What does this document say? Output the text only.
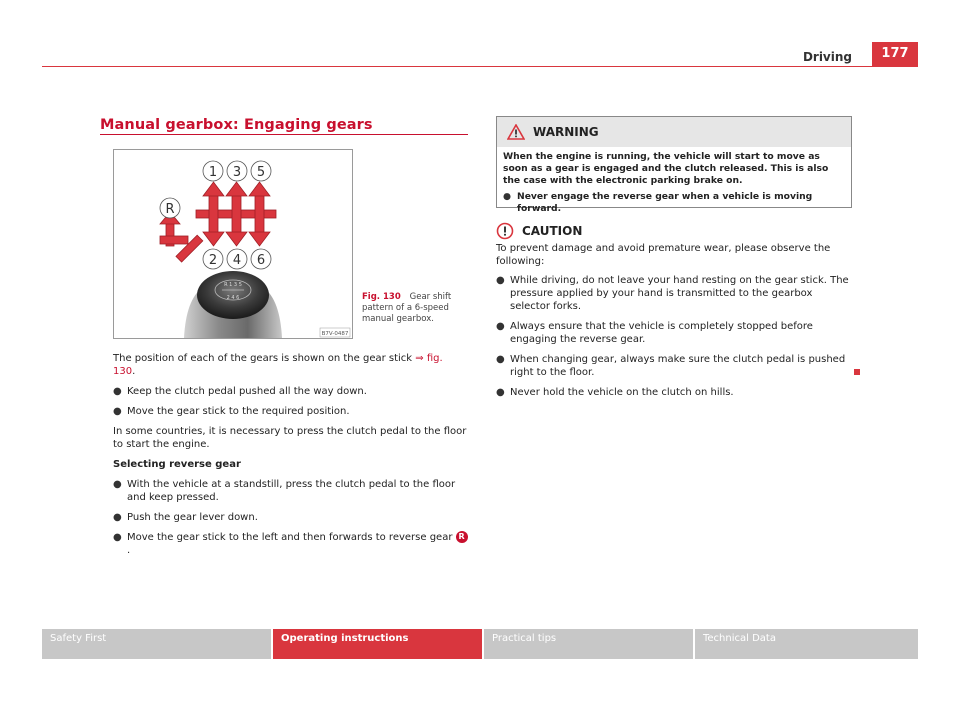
Driving	177
Manual gearbox: Engaging gears
R 1 3 5
2 4 6
1 3 5
2 4 6
R
B7V-0487
Fig. 130 Gear shift pattern of a 6-speed manual gearbox.

The position of each of the gears is shown on the gear stick ⇒ fig. 130.

● Keep the clutch pedal pushed all the way down.
● Move the gear stick to the required position.

In some countries, it is necessary to press the clutch pedal to the floor to start the engine.

Selecting reverse gear

● With the vehicle at a standstill, press the clutch pedal to the floor and keep pressed.
● Push the gear lever down.
● Move the gear stick to the left and then forwards to reverse gear R.
WARNING

When the engine is running, the vehicle will start to move as soon as a gear is engaged and the clutch released. This is also the case with the electronic parking brake on.

● Never engage the reverse gear when a vehicle is moving forward.
CAUTION

To prevent damage and avoid premature wear, please observe the following:

● While driving, do not leave your hand resting on the gear stick. The pressure applied by your hand is transmitted to the gearbox selector forks.
● Always ensure that the vehicle is completely stopped before engaging the reverse gear.
● When changing gear, always make sure the clutch pedal is pushed right to the floor.
● Never hold the vehicle on the clutch on hills.
Safety First	Operating instructions	Practical tips	Technical Data
